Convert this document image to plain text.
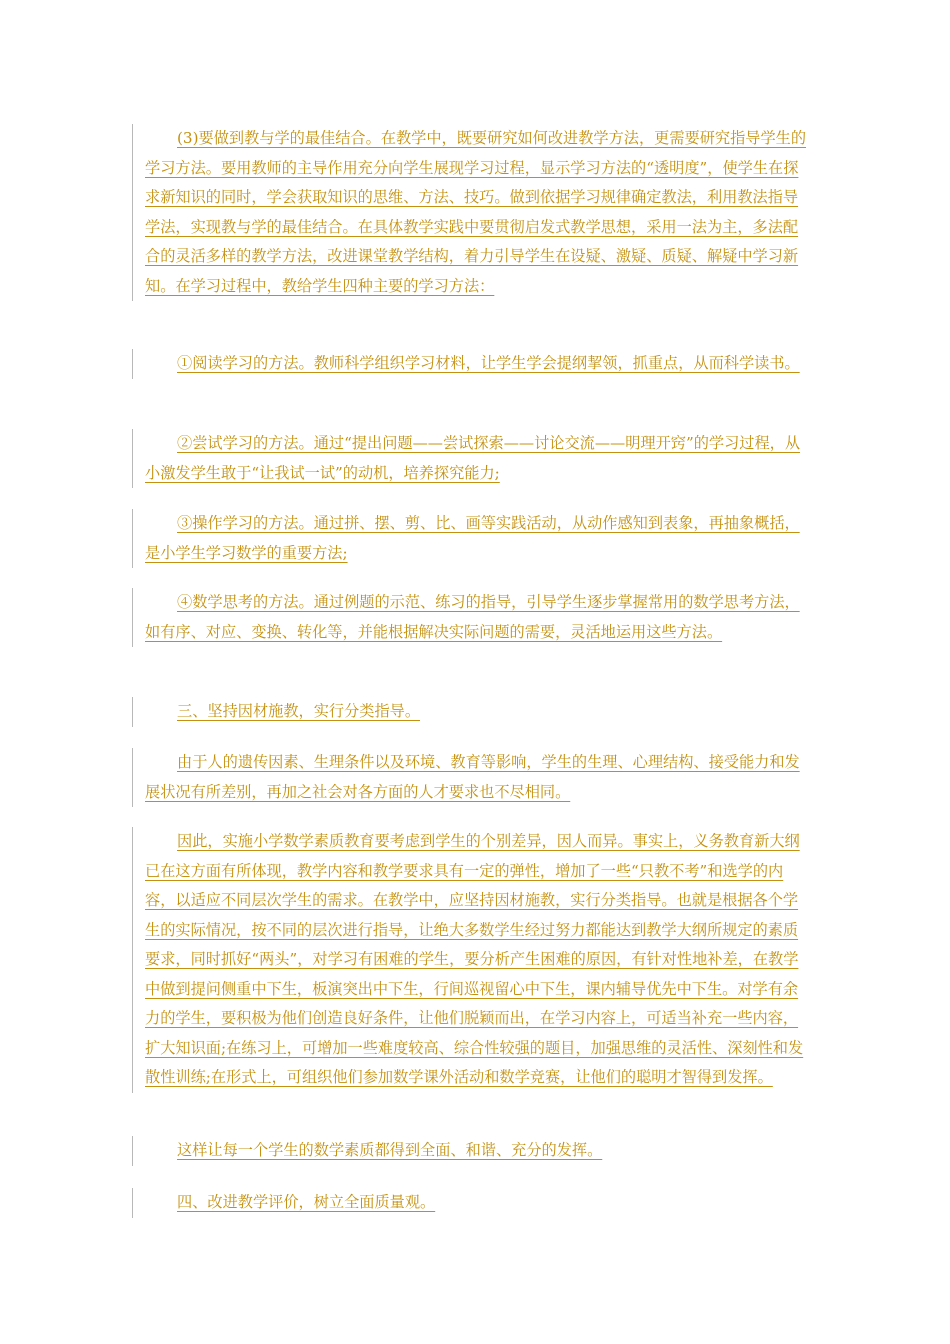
(3)要做到教与学的最佳结合。在教学中，既要研究如何改进教学方法，更需要研究指导学生的学习方法。要用教师的主导作用充分向学生展现学习过程，显示学习方法的“透明度”，使学生在探求新知识的同时，学会获取知识的思维、方法、技巧。做到依据学习规律确定教法，利用教法指导学法，实现教与学的最佳结合。在具体教学实践中要贯彻启发式教学思想，采用一法为主，多法配合的灵活多样的教学方法，改进课堂教学结构，着力引导学生在设疑、激疑、质疑、解疑中学习新知。在学习过程中，教给学生四种主要的学习方法：

①阅读学习的方法。教师科学组织学习材料，让学生学会提纲挈领，抓重点，从而科学读书。

②尝试学习的方法。通过“提出问题——尝试探索——讨论交流——明理开窍”的学习过程，从小激发学生敢于“让我试一试”的动机，培养探究能力;

③操作学习的方法。通过拼、摆、剪、比、画等实践活动，从动作感知到表象，再抽象概括，是小学生学习数学的重要方法;

④数学思考的方法。通过例题的示范、练习的指导，引导学生逐步掌握常用的数学思考方法，如有序、对应、变换、转化等，并能根据解决实际问题的需要，灵活地运用这些方法。

三、坚持因材施教，实行分类指导。

由于人的遗传因素、生理条件以及环境、教育等影响，学生的生理、心理结构、接受能力和发展状况有所差别，再加之社会对各方面的人才要求也不尽相同。

因此，实施小学数学素质教育要考虑到学生的个别差异，因人而异。事实上，义务教育新大纲已在这方面有所体现，教学内容和教学要求具有一定的弹性，增加了一些“只教不考”和选学的内容，以适应不同层次学生的需求。在教学中，应坚持因材施教，实行分类指导。也就是根据各个学生的实际情况，按不同的层次进行指导，让绝大多数学生经过努力都能达到教学大纲所规定的素质要求，同时抓好“两头”，对学习有困难的学生，要分析产生困难的原因，有针对性地补差，在教学中做到提问侧重中下生，板演突出中下生，行间巡视留心中下生，课内辅导优先中下生。对学有余力的学生，要积极为他们创造良好条件，让他们脱颖而出，在学习内容上，可适当补充一些内容，扩大知识面;在练习上，可增加一些难度较高、综合性较强的题目，加强思维的灵活性、深刻性和发散性训练;在形式上，可组织他们参加数学课外活动和数学竞赛，让他们的聪明才智得到发挥。

这样让每一个学生的数学素质都得到全面、和谐、充分的发挥。

四、改进教学评价，树立全面质量观。
